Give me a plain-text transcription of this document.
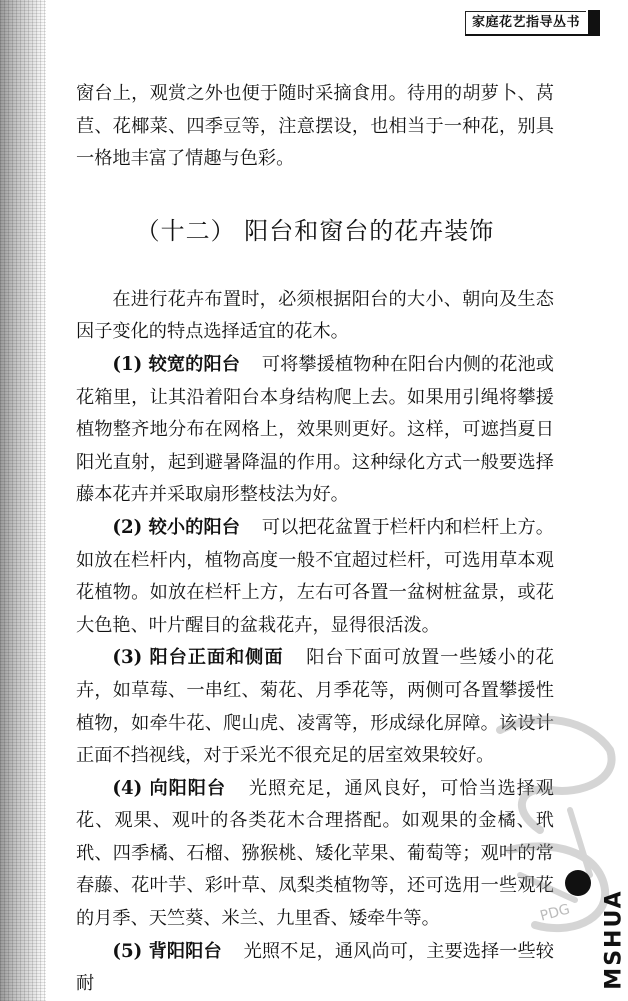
家庭花艺指导丛书

窗台上，观赏之外也便于随时采摘食用。待用的胡萝卜、莴苣、花椰菜、四季豆等，注意摆设，也相当于一种花，别具一格地丰富了情趣与色彩。

（十二） 阳台和窗台的花卉装饰

在进行花卉布置时，必须根据阳台的大小、朝向及生态因子变化的特点选择适宜的花木。

(1) 较宽的阳台 可将攀援植物种在阳台内侧的花池或花箱里，让其沿着阳台本身结构爬上去。如果用引绳将攀援植物整齐地分布在网格上，效果则更好。这样，可遮挡夏日阳光直射，起到避暑降温的作用。这种绿化方式一般要选择藤本花卉并采取扇形整枝法为好。

(2) 较小的阳台 可以把花盆置于栏杆内和栏杆上方。如放在栏杆内，植物高度一般不宜超过栏杆，可选用草本观花植物。如放在栏杆上方，左右可各置一盆树桩盆景，或花大色艳、叶片醒目的盆栽花卉，显得很活泼。

(3) 阳台正面和侧面 阳台下面可放置一些矮小的花卉，如草莓、一串红、菊花、月季花等，两侧可各置攀援性植物，如牵牛花、爬山虎、凌霄等，形成绿化屏障。该设计正面不挡视线，对于采光不很充足的居室效果较好。

(4) 向阳阳台 光照充足，通风良好，可恰当选择观花、观果、观叶的各类花木合理搭配。如观果的金橘、玳玳、四季橘、石榴、猕猴桃、矮化苹果、葡萄等；观叶的常春藤、花叶芋、彩叶草、凤梨类植物等，还可选用一些观花的月季、天竺葵、米兰、九里香、矮牵牛等。

(5) 背阳阳台 光照不足，通风尚可，主要选择一些较耐

PDG MSHUA
